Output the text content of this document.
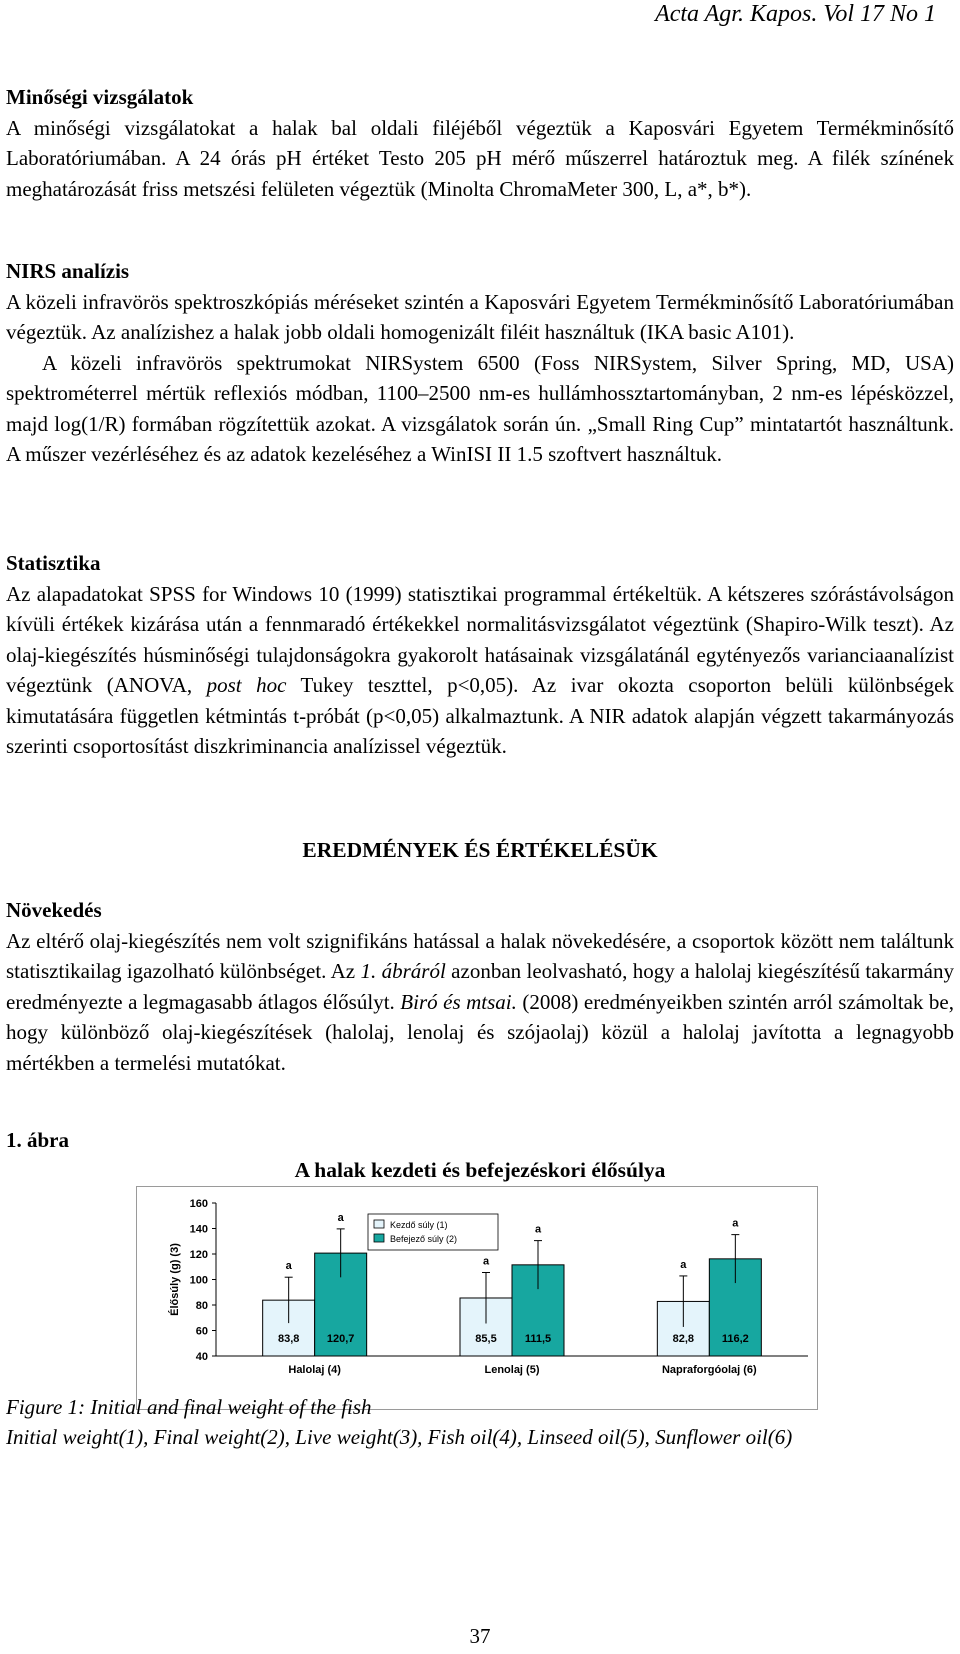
Acta Agr. Kapos. Vol 17 No 1
Minőségi vizsgálatok
A minőségi vizsgálatokat a halak bal oldali filéjéből végeztük a Kaposvári Egyetem Termékminősítő Laboratóriumában. A 24 órás pH értéket Testo 205 pH mérő műszerrel határoztuk meg. A filék színének meghatározását friss metszési felületen végeztük (Minolta ChromaMeter 300, L, a*, b*).
NIRS analízis
A közeli infravörös spektroszkópiás méréseket szintén a Kaposvári Egyetem Termékminősítő Laboratóriumában végeztük. Az analízishez a halak jobb oldali homogenizált filéit használtuk (IKA basic A101).
A közeli infravörös spektrumokat NIRSystem 6500 (Foss NIRSystem, Silver Spring, MD, USA) spektrométerrel mértük reflexiós módban, 1100–2500 nm-es hullámhossztartományban, 2 nm-es lépésközzel, majd log(1/R) formában rögzítettük azokat. A vizsgálatok során ún. „Small Ring Cup” mintatartót használtunk. A műszer vezérléséhez és az adatok kezeléséhez a WinISI II 1.5 szoftvert használtuk.
Statisztika
Az alapadatokat SPSS for Windows 10 (1999) statisztikai programmal értékeltük. A kétszeres szórástávolságon kívüli értékek kizárása után a fennmaradó értékekkel normalitásvizsgálatot végeztünk (Shapiro-Wilk teszt). Az olaj-kiegészítés húsminőségi tulajdonságokra gyakorolt hatásainak vizsgálatánál egytényezős varianciaanalízist végeztünk (ANOVA, post hoc Tukey teszttel, p<0,05). Az ivar okozta csoporton belüli különbségek kimutatására független kétmintás t-próbát (p<0,05) alkalmaztunk. A NIR adatok alapján végzett takarmányozás szerinti csoportosítást diszkriminancia analízissel végeztük.
EREDMÉNYEK ÉS ÉRTÉKELÉSÜK
Növekedés
Az eltérő olaj-kiegészítés nem volt szignifikáns hatással a halak növekedésére, a csoportok között nem találtunk statisztikailag igazolható különbséget. Az 1. ábráról azonban leolvasható, hogy a halolaj kiegészítésű takarmány eredményezte a legmagasabb átlagos élősúlyt. Biró és mtsai. (2008) eredményeikben szintén arról számoltak be, hogy különböző olaj-kiegészítések (halolaj, lenolaj és szójaolaj) közül a halolaj javította a legnagyobb mértékben a termelési mutatókat.
1. ábra
A halak kezdeti és befejezéskori élősúlya
40
60
80
100
120
140
160
Élősúly (g) (3)
83,8
a
120,7
a
Halolaj (4)
85,5
a
111,5
a
Lenolaj (5)
82,8
a
116,2
a
Napraforgóolaj (6)
Kezdő súly (1)
Befejező súly (2)
Figure 1: Initial and final weight of the fish
Initial weight(1), Final weight(2), Live weight(3), Fish oil(4), Linseed oil(5), Sunflower oil(6)
37
